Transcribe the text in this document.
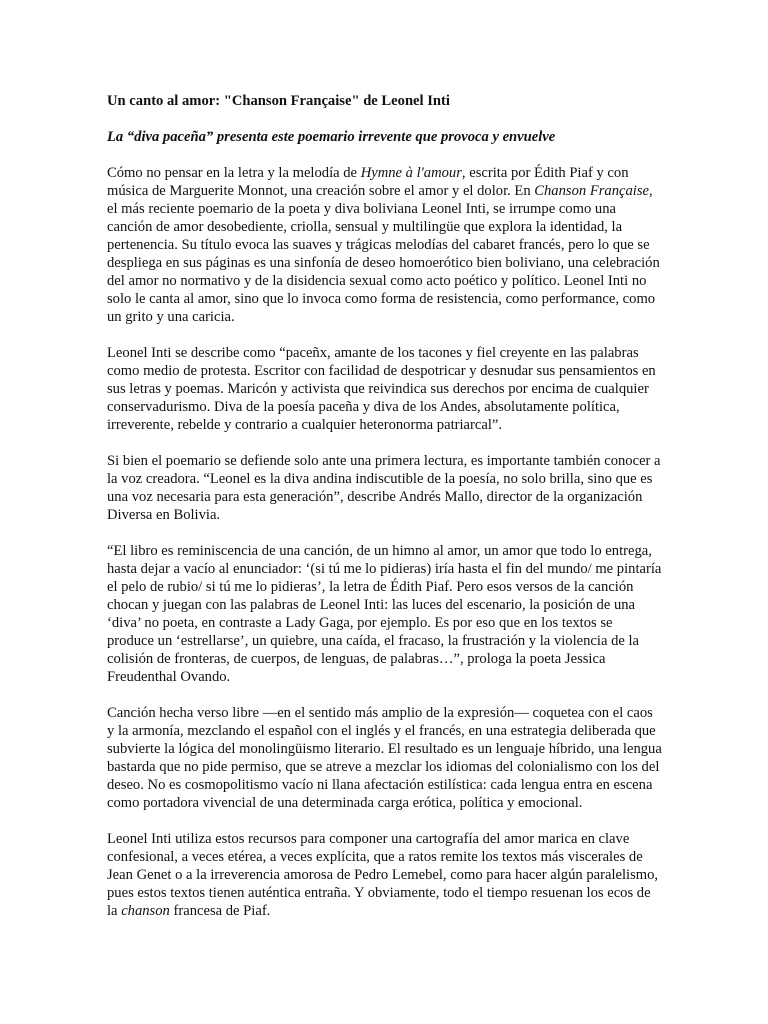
Un canto al amor: "Chanson Française" de Leonel Inti
La “diva paceña” presenta este poemario irrevente que provoca y envuelve

Cómo no pensar en la letra y la melodía de Hymne à l'amour, escrita por Édith Piaf y con música de Marguerite Monnot, una creación sobre el amor y el dolor. En Chanson Française, el más reciente poemario de la poeta y diva boliviana Leonel Inti, se irrumpe como una canción de amor desobediente, criolla, sensual y multilingüe que explora la identidad, la pertenencia. Su título evoca las suaves y trágicas melodías del cabaret francés, pero lo que se despliega en sus páginas es una sinfonía de deseo homoerótico bien boliviano, una celebración del amor no normativo y de la disidencia sexual como acto poético y político. Leonel Inti no solo le canta al amor, sino que lo invoca como forma de resistencia, como performance, como un grito y una caricia.

Leonel Inti se describe como “paceñx, amante de los tacones y fiel creyente en las palabras como medio de protesta. Escritor con facilidad de despotricar y desnudar sus pensamientos en sus letras y poemas. Maricón y activista que reivindica sus derechos por encima de cualquier conservadurismo. Diva de la poesía paceña y diva de los Andes, absolutamente política, irreverente, rebelde y contrario a cualquier heteronorma patriarcal”.

Si bien el poemario se defiende solo ante una primera lectura, es importante también conocer a la voz creadora. “Leonel es la diva andina indiscutible de la poesía, no solo brilla, sino que es una voz necesaria para esta generación”, describe Andrés Mallo, director de la organización Diversa en Bolivia.

“El libro es reminiscencia de una canción, de un himno al amor, un amor que todo lo entrega, hasta dejar a vacío al enunciador: ‘(si tú me lo pidieras) iría hasta el fin del mundo/ me pintaría el pelo de rubio/ si tú me lo pidieras’, la letra de Édith Piaf. Pero esos versos de la canción chocan y juegan con las palabras de Leonel Inti: las luces del escenario, la posición de una ‘diva’ no poeta, en contraste a Lady Gaga, por ejemplo. Es por eso que en los textos se produce un ‘estrellarse’, un quiebre, una caída, el fracaso, la frustración y la violencia de la colisión de fronteras, de cuerpos, de lenguas, de palabras…”, prologa la poeta Jessica Freudenthal Ovando.

Canción hecha verso libre —en el sentido más amplio de la expresión— coquetea con el caos y la armonía, mezclando el español con el inglés y el francés, en una estrategia deliberada que subvierte la lógica del monolingüismo literario. El resultado es un lenguaje híbrido, una lengua bastarda que no pide permiso, que se atreve a mezclar los idiomas del colonialismo con los del deseo. No es cosmopolitismo vacío ni llana afectación estilística: cada lengua entra en escena como portadora vivencial de una determinada carga erótica, política y emocional.

Leonel Inti utiliza estos recursos para componer una cartografía del amor marica en clave confesional, a veces etérea, a veces explícita, que a ratos remite los textos más viscerales de Jean Genet o a la irreverencia amorosa de Pedro Lemebel, como para hacer algún paralelismo, pues estos textos tienen auténtica entraña. Y obviamente, todo el tiempo resuenan los ecos de la chanson francesa de Piaf.
